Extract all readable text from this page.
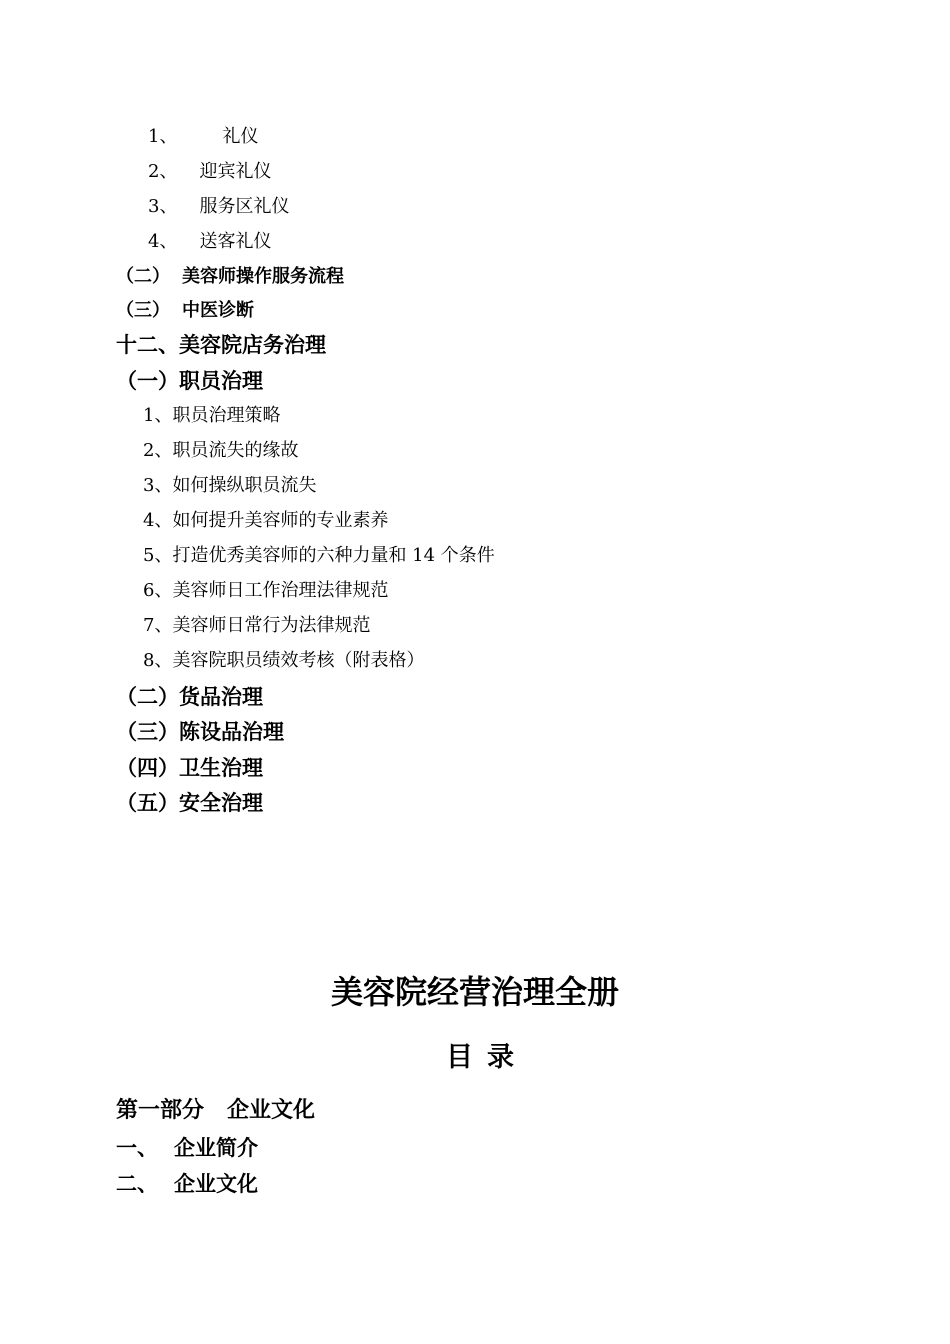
1、	礼仪
2、 迎宾礼仪
3、 服务区礼仪
4、 送客礼仪
（二） 美容师操作服务流程
（三） 中医诊断
十二、美容院店务治理
（一）职员治理
1、职员治理策略
2、职员流失的缘故
3、如何操纵职员流失
4、如何提升美容师的专业素养
5、打造优秀美容师的六种力量和 14 个条件
6、美容师日工作治理法律规范
7、美容师日常行为法律规范
8、美容院职员绩效考核（附表格）
（二）货品治理
（三）陈设品治理
（四）卫生治理
（五）安全治理
美容院经营治理全册
目录
第一部分   企业文化
一、 企业简介
二、 企业文化
